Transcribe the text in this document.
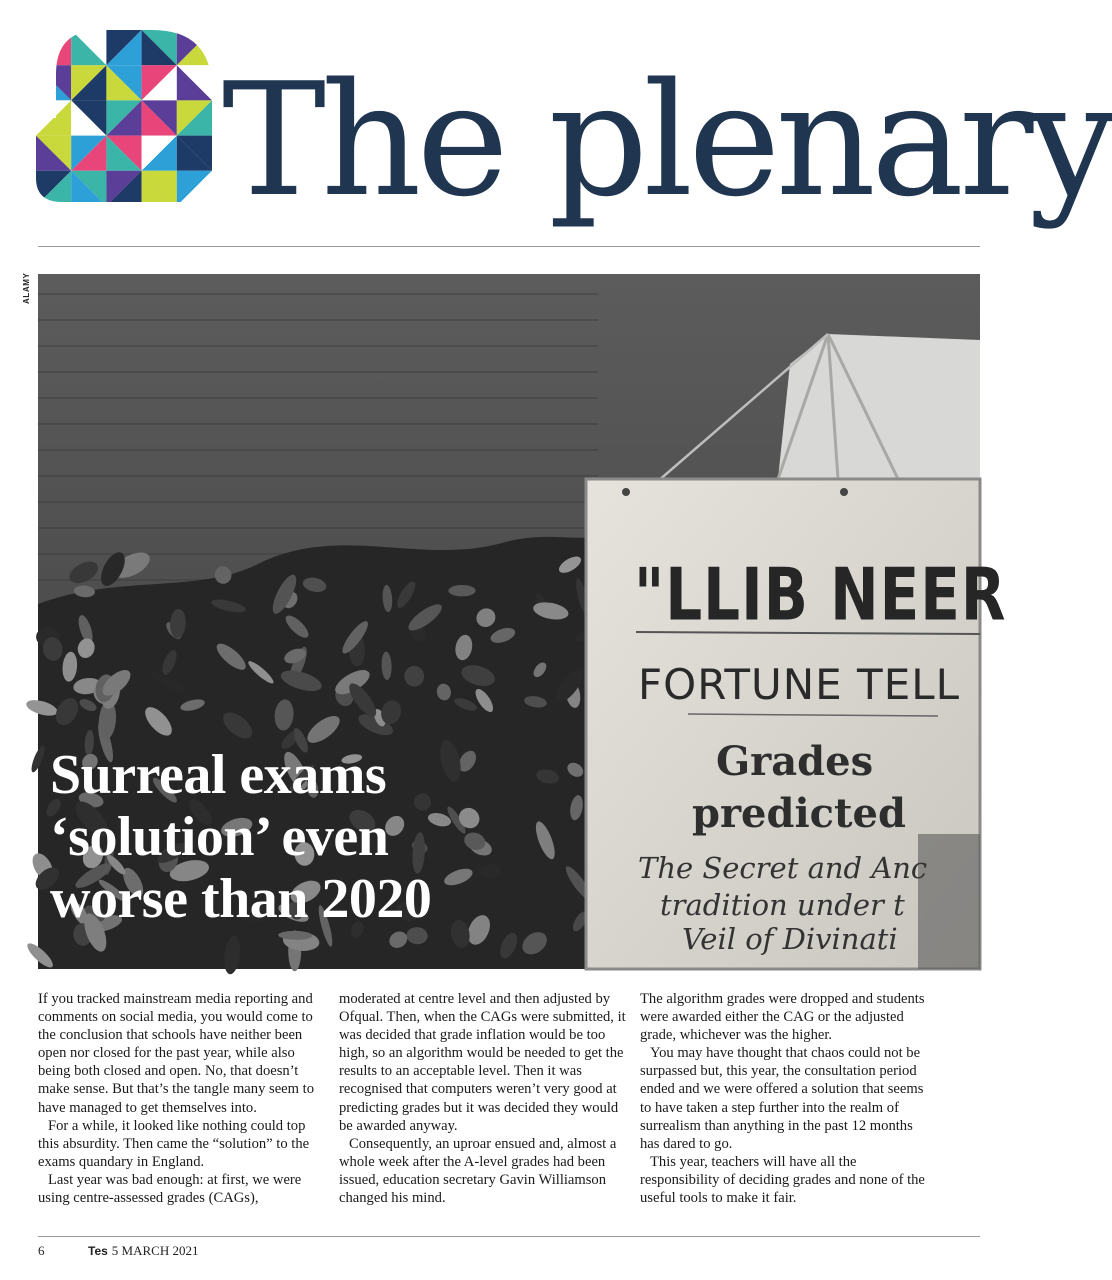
The plenary
ALAMY
"LLIB NEER
FORTUNE TELL
Grades
predicted
The Secret and Anc
tradition under t
Veil of Divinati
Surreal exams
‘solution’ even
worse than 2020

If you tracked mainstream media reporting and comments on social media, you would come to the conclusion that schools have neither been open nor closed for the past year, while also being both closed and open. No, that doesn’t make sense. But that’s the tangle many seem to have managed to get themselves into.

For a while, it looked like nothing could top this absurdity. Then came the “solution” to the exams quandary in England.

Last year was bad enough: at first, we were using centre-assessed grades (CAGs),

moderated at centre level and then adjusted by Ofqual. Then, when the CAGs were submitted, it was decided that grade inflation would be too high, so an algorithm would be needed to get the results to an acceptable level. Then it was recognised that computers weren’t very good at predicting grades but it was decided they would be awarded anyway.

Consequently, an uproar ensued and, almost a whole week after the A-level grades had been issued, education secretary Gavin Williamson changed his mind.

The algorithm grades were dropped and students were awarded either the CAG or the adjusted grade, whichever was the higher.

You may have thought that chaos could not be surpassed but, this year, the consultation period ended and we were offered a solution that seems to have taken a step further into the realm of surrealism than anything in the past 12 months has dared to go.

This year, teachers will have all the responsibility of deciding grades and none of the useful tools to make it fair.

6	Tes 5 MARCH 2021
